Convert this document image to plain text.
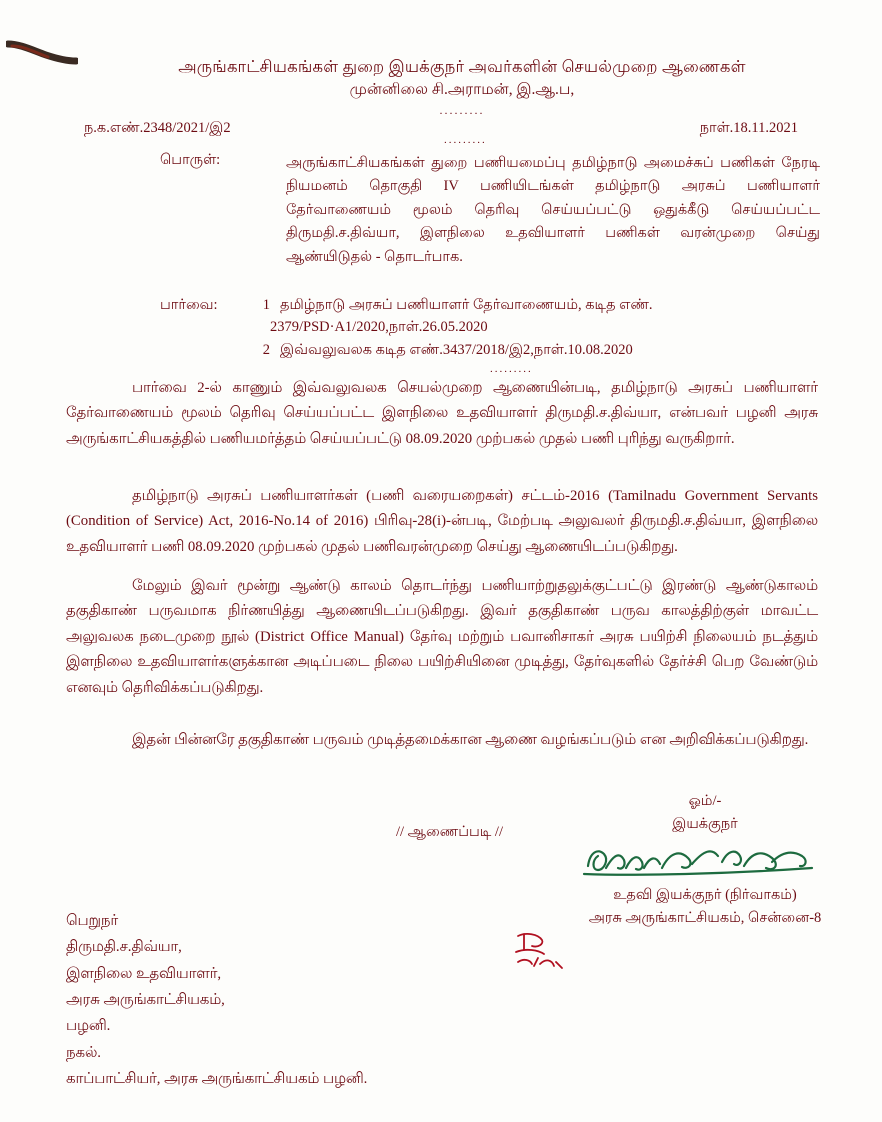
அருங்காட்சியகங்கள் துறை இயக்குநர் அவர்களின் செயல்முறை ஆணைகள்
முன்னிலை சி.அராமன், இ.ஆ.ப,
.........
ந.க.எண்.2348/2021/இ2	நாள்.18.11.2021
.........
பொருள்:	அருங்காட்சியகங்கள் துறை பணியமைப்பு தமிழ்நாடு அமைச்சுப் பணிகள் நேரடி நியமனம் தொகுதி IV பணியிடங்கள் தமிழ்நாடு அரசுப் பணியாளர் தேர்வாணையம் மூலம் தெரிவு செய்யப்பட்டு ஒதுக்கீடு செய்யப்பட்ட திருமதி.ச.திவ்யா, இளநிலை உதவியாளர் பணிகள் வரன்முறை செய்து ஆண்யிடுதல் - தொடர்பாக.
பார்வை:	1 தமிழ்நாடு அரசுப் பணியாளர் தேர்வாணையம், கடித எண்.
2379/PSD·A1/2020,நாள்.26.05.2020
2 இவ்வலுவலக கடித எண்.3437/2018/இ2,நாள்.10.08.2020
.........
பார்வை 2-ல் காணும் இவ்வலுவலக செயல்முறை ஆணையின்படி, தமிழ்நாடு அரசுப் பணியாளர் தேர்வாணையம் மூலம் தெரிவு செய்யப்பட்ட இளநிலை உதவியாளர் திருமதி.ச.திவ்யா, என்பவர் பழனி அரசு அருங்காட்சியகத்தில் பணியமர்த்தம் செய்யப்பட்டு 08.09.2020 முற்பகல் முதல் பணி புரிந்து வருகிறார்.
தமிழ்நாடு அரசுப் பணியாளர்கள் (பணி வரையறைகள்) சட்டம்-2016 (Tamilnadu Government Servants (Condition of Service) Act, 2016-No.14 of 2016) பிரிவு-28(i)-ன்படி, மேற்படி அலுவலர் திருமதி.ச.திவ்யா, இளநிலை உதவியாளர் பணி 08.09.2020 முற்பகல் முதல் பணிவரன்முறை செய்து ஆணையிடப்படுகிறது.
மேலும் இவர் மூன்று ஆண்டு காலம் தொடர்ந்து பணியாற்றுதலுக்குட்பட்டு இரண்டு ஆண்டுகாலம் தகுதிகாண் பருவமாக நிர்ணயித்து ஆணையிடப்படுகிறது. இவர் தகுதிகாண் பருவ காலத்திற்குள் மாவட்ட அலுவலக நடைமுறை நூல் (District Office Manual) தேர்வு மற்றும் பவானிசாகர் அரசு பயிற்சி நிலையம் நடத்தும் இளநிலை உதவியாளர்களுக்கான அடிப்படை நிலை பயிற்சியினை முடித்து, தேர்வுகளில் தேர்ச்சி பெற வேண்டும் எனவும் தெரிவிக்கப்படுகிறது.
இதன் பின்னரே தகுதிகாண் பருவம் முடித்தமைக்கான ஆணை வழங்கப்படும் என அறிவிக்கப்படுகிறது.
ஓம்/-
இயக்குநர்
// ஆணைப்படி //
உதவி இயக்குநர் (நிர்வாகம்)
அரசு அருங்காட்சியகம், சென்னை-8
பெறுநர்
திருமதி.ச.திவ்யா,
இளநிலை உதவியாளர்,
அரசு அருங்காட்சியகம்,
பழனி.
நகல்.
காப்பாட்சியர், அரசு அருங்காட்சியகம் பழனி.
